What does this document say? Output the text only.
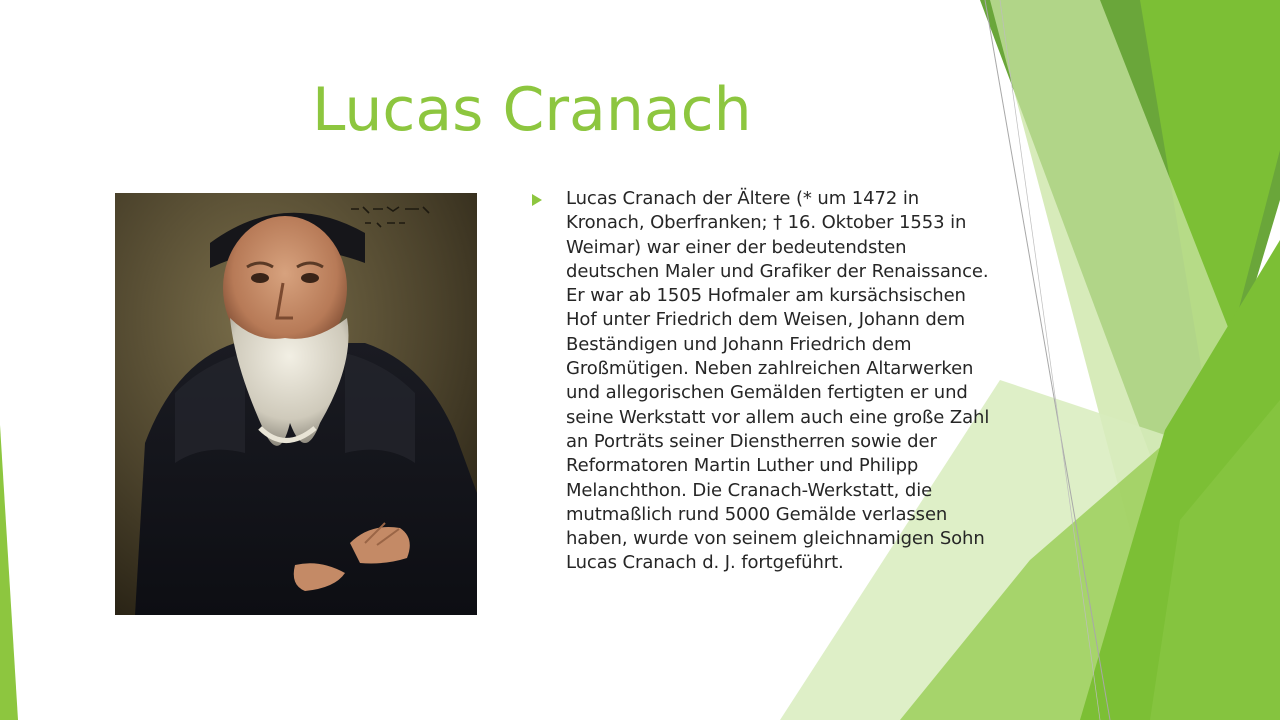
Lucas Cranach

Lucas Cranach der Ältere (* um 1472 in Kronach, Oberfranken; † 16. Oktober 1553 in Weimar) war einer der bedeutendsten deutschen Maler und Grafiker der Renaissance. Er war ab 1505 Hofmaler am kursächsischen Hof unter Friedrich dem Weisen, Johann dem Beständigen und Johann Friedrich dem Großmütigen. Neben zahlreichen Altarwerken und allegorischen Gemälden fertigten er und seine Werkstatt vor allem auch eine große Zahl an Porträts seiner Dienstherren sowie der Reformatoren Martin Luther und Philipp Melanchthon. Die Cranach-Werkstatt, die mutmaßlich rund 5000 Gemälde verlassen haben, wurde von seinem gleichnamigen Sohn Lucas Cranach d. J. fortgeführt.
